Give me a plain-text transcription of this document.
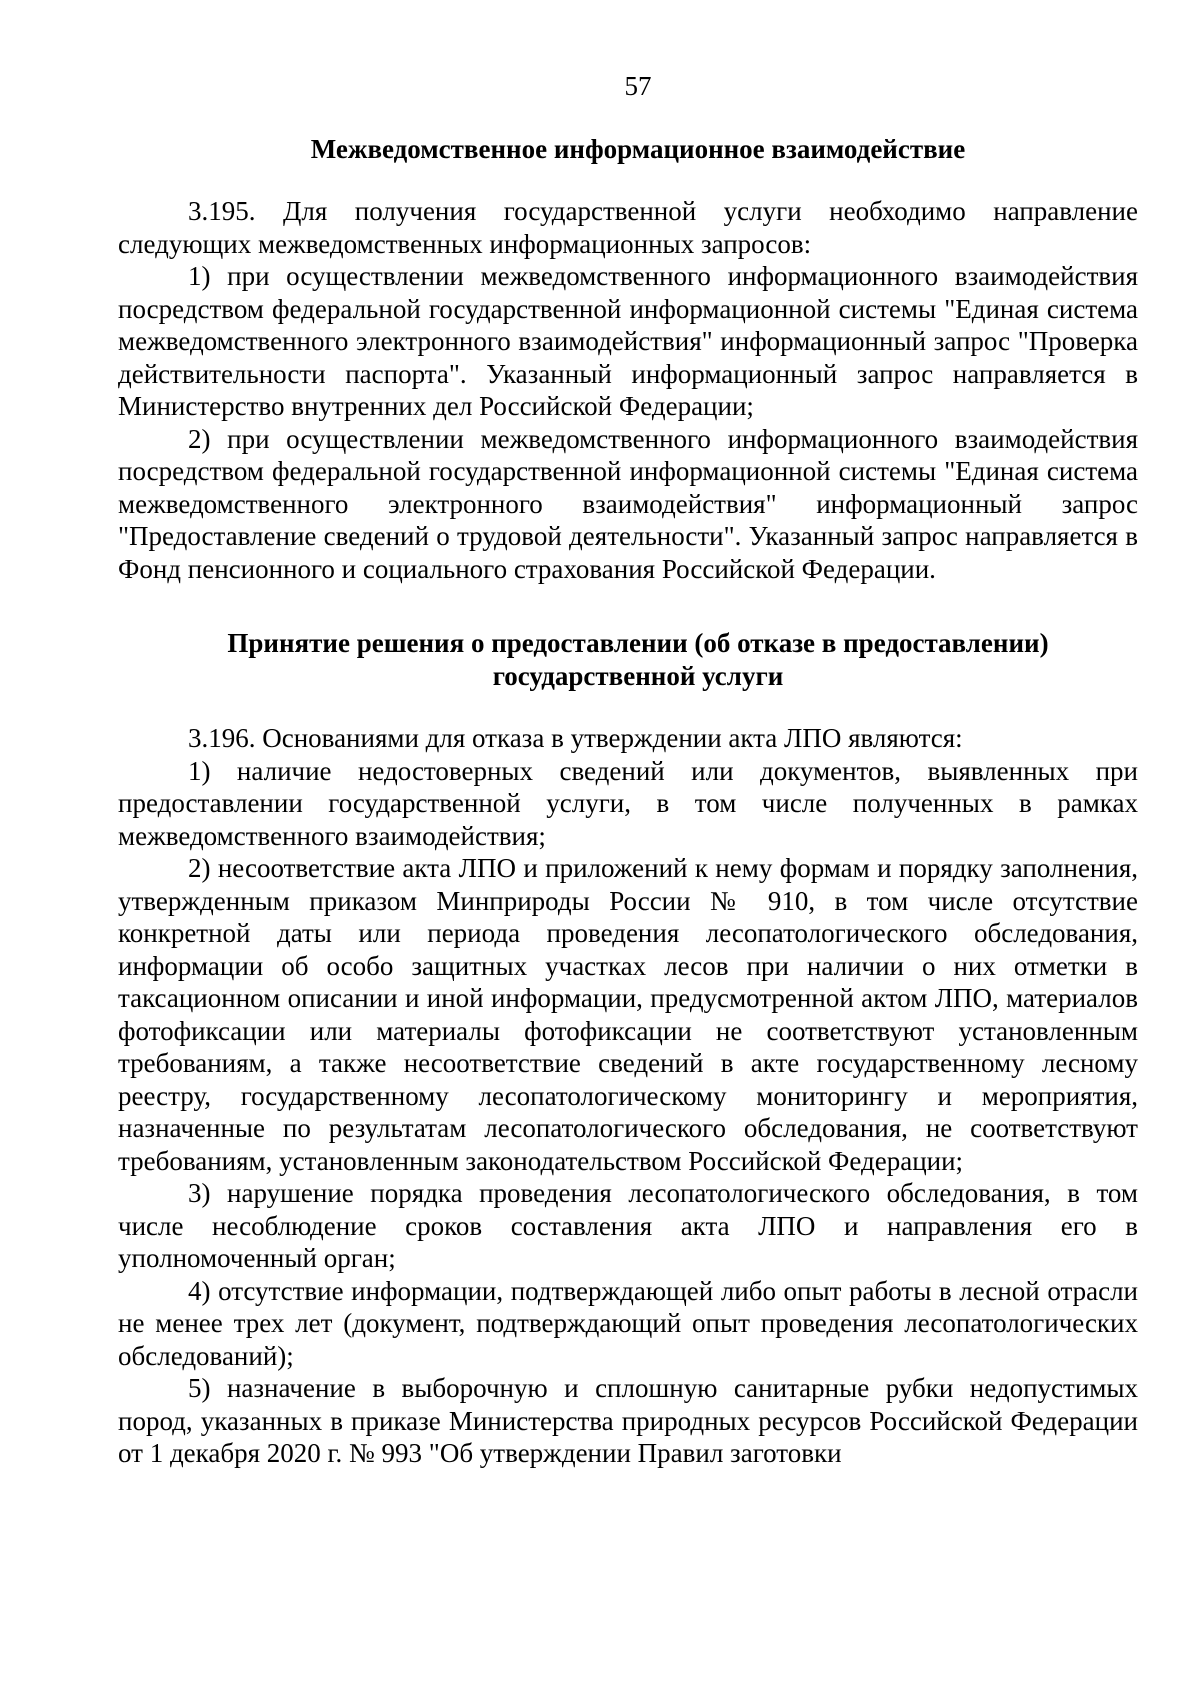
57
Межведомственное информационное взаимодействие

3.195. Для получения государственной услуги необходимо направление следующих межведомственных информационных запросов:

1) при осуществлении межведомственного информационного взаимодействия посредством федеральной государственной информационной системы "Единая система межведомственного электронного взаимодействия" информационный запрос "Проверка действительности паспорта". Указанный информационный запрос направляется в Министерство внутренних дел Российской Федерации;

2) при осуществлении межведомственного информационного взаимодействия посредством федеральной государственной информационной системы "Единая система межведомственного электронного взаимодействия" информационный запрос "Предоставление сведений о трудовой деятельности". Указанный запрос направляется в Фонд пенсионного и социального страхования Российской Федерации.

Принятие решения о предоставлении (об отказе в предоставлении)
государственной услуги

3.196. Основаниями для отказа в утверждении акта ЛПО являются:

1) наличие недостоверных сведений или документов, выявленных при предоставлении государственной услуги, в том числе полученных в рамках межведомственного взаимодействия;

2) несоответствие акта ЛПО и приложений к нему формам и порядку заполнения, утвержденным приказом Минприроды России № 910, в том числе отсутствие конкретной даты или периода проведения лесопатологического обследования, информации об особо защитных участках лесов при наличии о них отметки в таксационном описании и иной информации, предусмотренной актом ЛПО, материалов фотофиксации или материалы фотофиксации не соответствуют установленным требованиям, а также несоответствие сведений в акте государственному лесному реестру, государственному лесопатологическому мониторингу и мероприятия, назначенные по результатам лесопатологического обследования, не соответствуют требованиям, установленным законодательством Российской Федерации;

3) нарушение порядка проведения лесопатологического обследования, в том числе несоблюдение сроков составления акта ЛПО и направления его в уполномоченный орган;

4) отсутствие информации, подтверждающей либо опыт работы в лесной отрасли не менее трех лет (документ, подтверждающий опыт проведения лесопатологических обследований);

5) назначение в выборочную и сплошную санитарные рубки недопустимых пород, указанных в приказе Министерства природных ресурсов Российской Федерации от 1 декабря 2020 г. № 993 "Об утверждении Правил заготовки
